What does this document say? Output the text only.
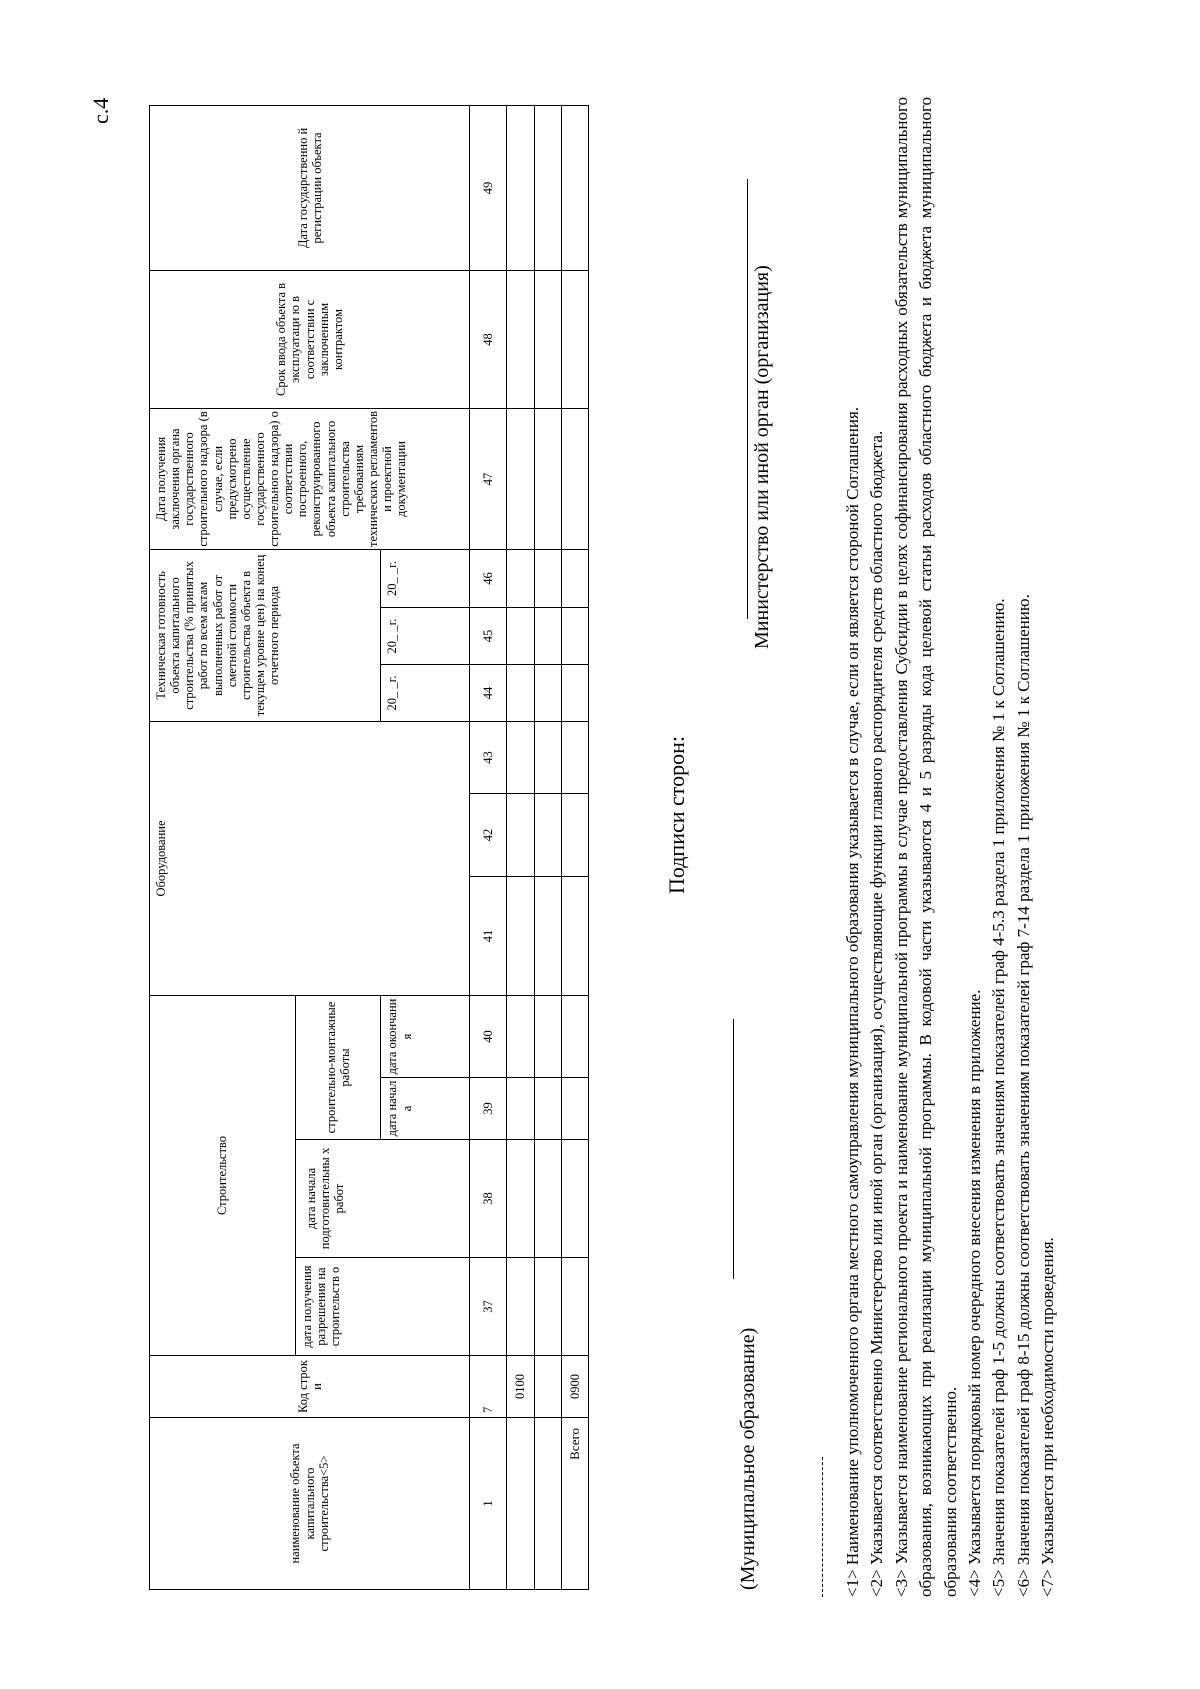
с.4
наименование объекта капитального строительства<5>	Код строк и	Строительство				Оборудование			Техническая готовность объекта капитального строительства (% принятых работ по всем актам выполненных работ от сметной стоимости строительства объекта в текущем уровне цен) на конец отчетного периода			Дата получения заключения органа государственного строительного надзора (в случае, если предусмотрено осуществление государственного строительного надзора) о соответствии построенного, реконструированного объекта капитального строительства требованиям технических регламентов и проектной документации	Срок ввода объекта в эксплуатаци ю в соответствии с заключенным контрактом	Дата государственно й регистрации объекта
		дата получения разрешения на строительств о	дата начала подготовительны х работ	строительно-монтажные работы										
				дата начал а	дата окончани я				20_ _г.	20_ _г.	20_ _г.			
1	7	37	38	39	40	41	42	43	44	45	46	47	48	49
	0100													

Всего	0900													
Подписи сторон:
(Муниципальное образование)
Министерство или иной орган (организация)	<1> Наименование уполномоченного органа местного самоуправления муниципального образования указывается в случае, если он является стороной Соглашения. <2> Указывается соответственно Министерство или иной орган (организация), осуществляющие функции главного распорядителя средств областного бюджета. <3> Указывается наименование регионального проекта и наименование муниципальной программы в случае предоставления Субсидии в целях софинансирования расходных обязательств муниципального образования, возникающих при реализации муниципальной программы. В кодовой части указываются 4 и 5 разряды кода целевой статьи расходов областного бюджета и бюджета муниципального образования соответственно. <4> Указывается порядковый номер очередного внесения изменения в приложение. <5> Значения показателей граф 1-5 должны соответствовать значениям показателей граф 4-5.3 раздела 1 приложения № 1 к Соглашению. <6> Значения показателей граф 8-15 должны соответствовать значениям показателей граф 7-14 раздела 1 приложения № 1 к Соглашению. <7> Указывается при необходимости проведения.
